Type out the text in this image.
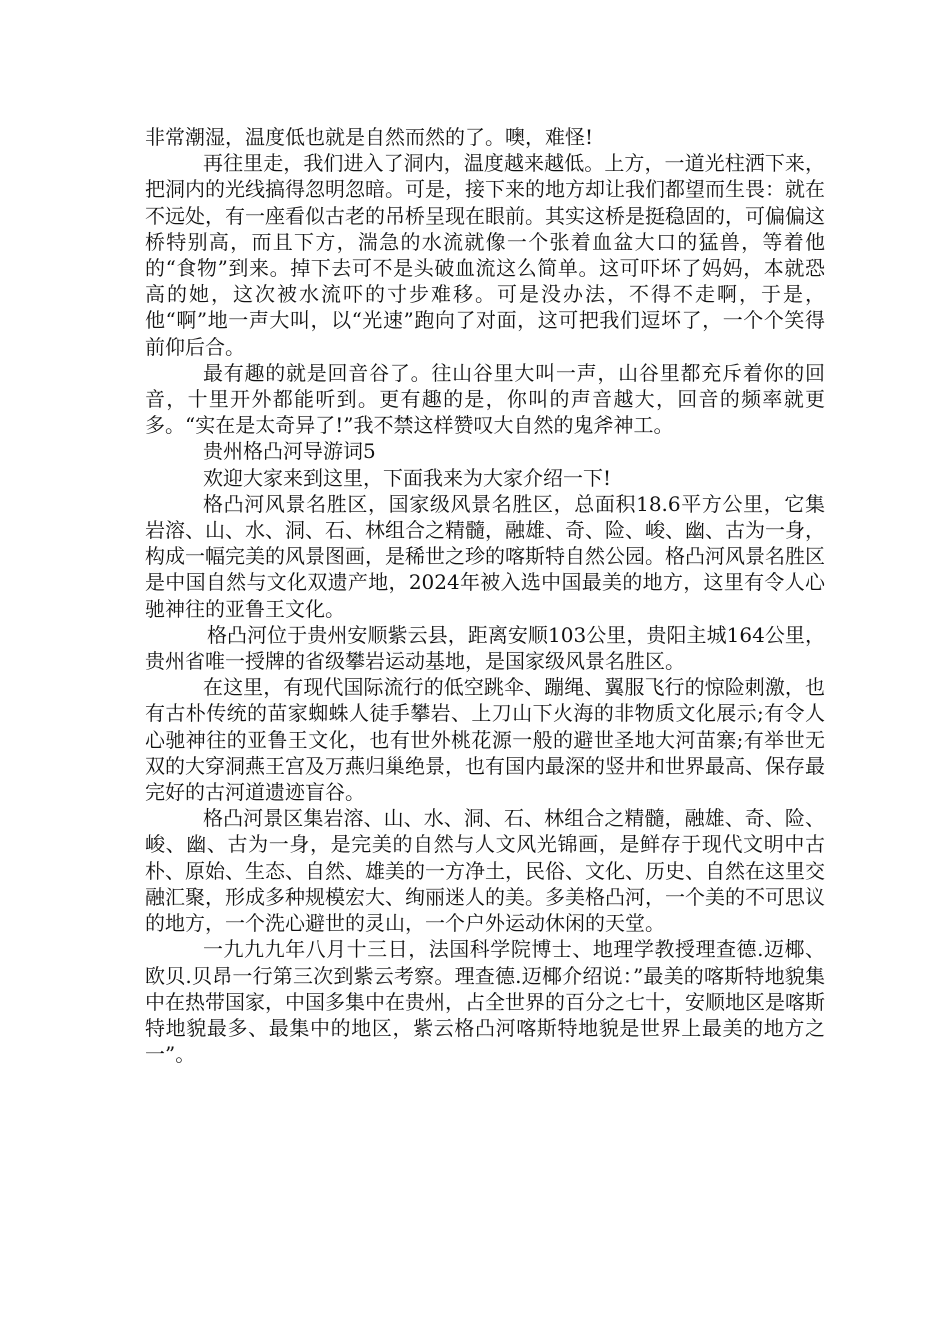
非常潮湿，温度低也就是自然而然的了。噢，难怪!

再往里走，我们进入了洞内，温度越来越低。上方，一道光柱洒下来，把洞内的光线搞得忽明忽暗。可是，接下来的地方却让我们都望而生畏：就在不远处，有一座看似古老的吊桥呈现在眼前。其实这桥是挺稳固的，可偏偏这桥特别高，而且下方，湍急的水流就像一个张着血盆大口的猛兽，等着他的“食物”到来。掉下去可不是头破血流这么简单。这可吓坏了妈妈，本就恐高的她，这次被水流吓的寸步难移。可是没办法，不得不走啊，于是，他“啊”地一声大叫，以“光速”跑向了对面，这可把我们逗坏了，一个个笑得前仰后合。

最有趣的就是回音谷了。往山谷里大叫一声，山谷里都充斥着你的回音，十里开外都能听到。更有趣的是，你叫的声音越大，回音的频率就更多。“实在是太奇异了!”我不禁这样赞叹大自然的鬼斧神工。

贵州格凸河导游词5

欢迎大家来到这里，下面我来为大家介绍一下!

格凸河风景名胜区，国家级风景名胜区，总面积18.6平方公里，它集岩溶、山、水、洞、石、林组合之精髓，融雄、奇、险、峻、幽、古为一身，构成一幅完美的风景图画，是稀世之珍的喀斯特自然公园。格凸河风景名胜区是中国自然与文化双遗产地，2024年被入选中国最美的地方，这里有令人心驰神往的亚鲁王文化。

格凸河位于贵州安顺紫云县，距离安顺103公里，贵阳主城164公里，贵州省唯一授牌的省级攀岩运动基地，是国家级风景名胜区。

在这里，有现代国际流行的低空跳伞、蹦绳、翼服飞行的惊险刺激，也有古朴传统的苗家蜘蛛人徒手攀岩、上刀山下火海的非物质文化展示;有令人心驰神往的亚鲁王文化，也有世外桃花源一般的避世圣地大河苗寨;有举世无双的大穿洞燕王宫及万燕归巢绝景，也有国内最深的竖井和世界最高、保存最完好的古河道遗迹盲谷。

格凸河景区集岩溶、山、水、洞、石、林组合之精髓，融雄、奇、险、峻、幽、古为一身，是完美的自然与人文风光锦画，是鲜存于现代文明中古朴、原始、生态、自然、雄美的一方净土，民俗、文化、历史、自然在这里交融汇聚，形成多种规模宏大、绚丽迷人的美。多美格凸河，一个美的不可思议的地方，一个洗心避世的灵山，一个户外运动休闲的天堂。

一九九九年八月十三日，法国科学院博士、地理学教授理查德.迈椰、欧贝.贝昂一行第三次到紫云考察。理查德.迈椰介绍说：”最美的喀斯特地貌集中在热带国家，中国多集中在贵州，占全世界的百分之七十，安顺地区是喀斯特地貌最多、最集中的地区，紫云格凸河喀斯特地貌是世界上最美的地方之一”。
